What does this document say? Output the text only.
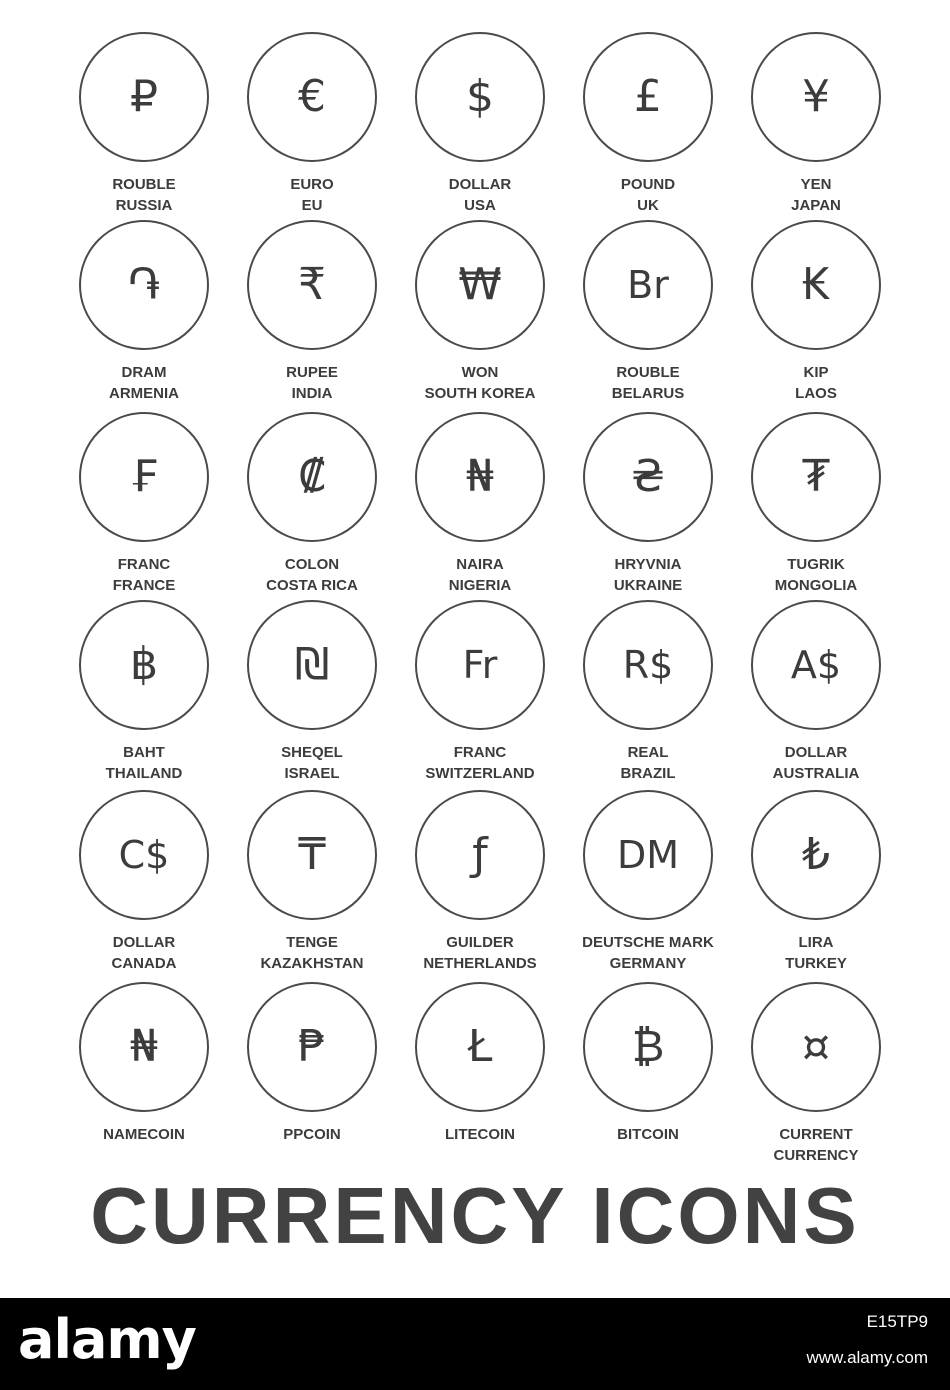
₽
ROUBLE
RUSSIA
€
EURO
EU
$
DOLLAR
USA
£
POUND
UK
¥
YEN
JAPAN
֏
DRAM
ARMENIA
₹
RUPEE
INDIA
₩
WON
SOUTH KOREA
Br
ROUBLE
BELARUS
₭
KIP
LAOS
₣
FRANC
FRANCE
₡
COLON
COSTA RICA
₦
NAIRA
NIGERIA
₴
HRYVNIA
UKRAINE
₮
TUGRIK
MONGOLIA
฿
BAHT
THAILAND
₪
SHEQEL
ISRAEL
Fr
FRANC
SWITZERLAND
R$
REAL
BRAZIL
A$
DOLLAR
AUSTRALIA
C$
DOLLAR
CANADA
₸
TENGE
KAZAKHSTAN
ƒ
GUILDER
NETHERLANDS
DM
DEUTSCHE MARK
GERMANY
₺
LIRA
TURKEY
₦
NAMECOIN
₱
PPCOIN
Ł
LITECOIN
₿
BITCOIN
¤
CURRENT
CURRENCY
CURRENCY ICONS
alamy	E15TP9
www.alamy.com
